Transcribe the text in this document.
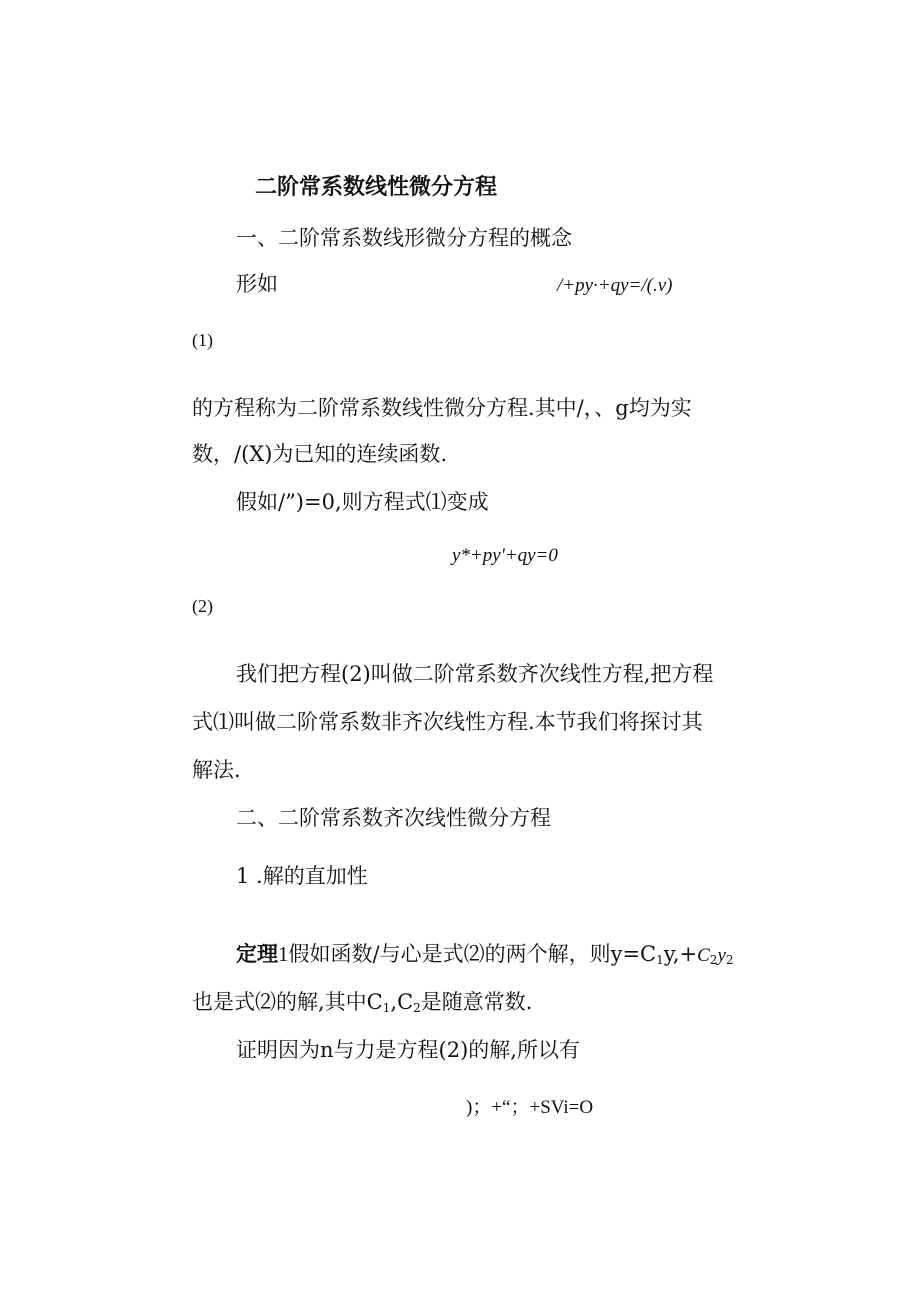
二阶常系数线性微分方程
一、二阶常系数线形微分方程的概念
形如	/+py·+qy=/(.v)
(1)
的方程称为二阶常系数线性微分方程.其中/，、g均为实
数，/(X)为已知的连续函数.
假如/”)=0,则方程式⑴变成
y*+py'+qy=0
(2)
我们把方程(2)叫做二阶常系数齐次线性方程,把方程
式⑴叫做二阶常系数非齐次线性方程.本节我们将探讨其
解法.
二、二阶常系数齐次线性微分方程
1 .解的直加性
定理1假如函数/与心是式⑵的两个解，则$y=C_1y,+C_2y_2$
也是式⑵的解,其中$C_1,C_2$是随意常数.
证明因为n与力是方程(2)的解,所以有
)；+“；+SVi=O
